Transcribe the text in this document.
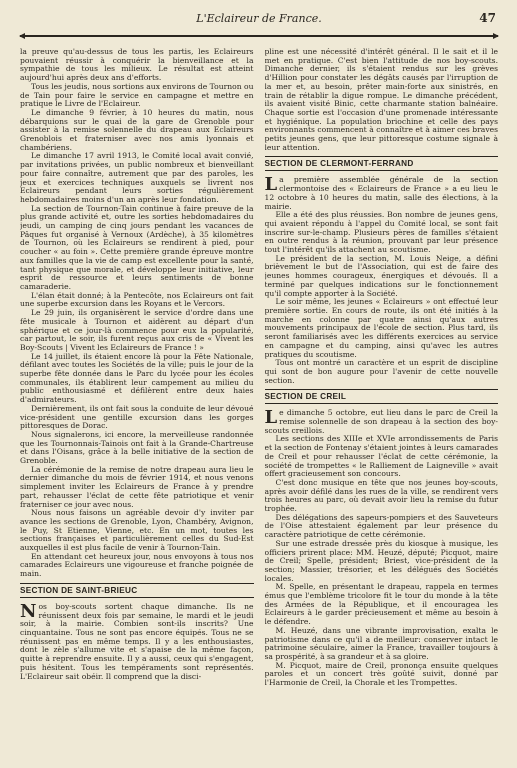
L'Eclaireur de France.	47

la preuve qu'au-dessus de tous les partis, les Eclaireurs pouvaient réussir à conquérir la bienveillance et la sympathie de tous les milieux. Le résultat est atteint aujourd'hui après deux ans d'efforts.

Tous les jeudis, nous sortions aux environs de Tournon ou de Tain pour faire le service en campagne et mettre en pratique le Livre de l'Eclaireur.

Le dimanche 9 février, à 10 heures du matin, nous débarquions sur le quai de la gare de Grenoble pour assister à la remise solennelle du drapeau aux Eclaireurs Grenoblois et fraterniser avec nos amis lyonnais et chambériens.

Le dimanche 17 avril 1913, le Comité local avait convié, par invitations privées, un public nombreux et bienveillant pour faire connaître, autrement que par des paroles, les jeux et exercices techniques auxquels se livrent nos Eclaireurs pendant leurs sorties régulièrement hebdomadaires moins d'un an après leur fondation.

La section de Tournon-Tain continue à faire preuve de la plus grande activité et, outre les sorties hebdomadaires du jeudi, un camping de cinq jours pendant les vacances de Pâques fut organisé à Vernoux (Ardèche), à 35 kilomètres de Tournon, où les Eclaireurs se rendirent à pied, pour coucher « au foin ». Cette première grande épreuve montre aux familles que la vie de camp est excellente pour la santé, tant physique que morale, et développe leur initiative, leur esprit de ressource et leurs sentiments de bonne camaraderie.

L'élan était donné; à la Pentecôte, nos Eclaireurs ont fait une superbe excursion dans les Royans et le Vercors.

Le 29 juin, ils organisèrent le service d'ordre dans une fête musicale à Tournon et aidèrent au départ d'un sphérique et ce jour-là commence pour eux la popularité, car partout, le soir, ils furent reçus aux cris de « Vivent les Boy-Scouts | Vivent les Eclaireurs de France ! »

Le 14 juillet, ils étaient encore là pour la Fête Nationale, défilant avec toutes les Sociétés de la ville; puis le jour de la superbe fête donnée dans le Parc du lycée pour les écoles communales, ils établirent leur campement au milieu du public enthousiasmé et défilèrent entre deux haies d'admirateurs.

Dernièrement, ils ont fait sous la conduite de leur dévoué vice-président une gentille excursion dans les gorges pittoresques de Dorac.

Nous signalerons, ici encore, la merveilleuse randonnée que les Tournonnais-Tainois ont fait à la Grande-Chartreuse et dans l'Oisans, grâce à la belle initiative de la section de Grenoble.

La cérémonie de la remise de notre drapeau aura lieu le dernier dimanche du mois de février 1914, et nous venons simplement inviter les Eclaireurs de France à y prendre part, rehausser l'éclat de cette fête patriotique et venir fraterniser ce jour avec nous.

Nous nous faisons un agréable devoir d'y inviter par avance les sections de Grenoble, Lyon, Chambéry, Avignon, le Puy, St Etienne, Vienne, etc. En un mot, toutes les sections françaises et particulièrement celles du Sud-Est auxquelles il est plus facile de venir à Tournon-Tain.

En attendant cet heureux jour, nous envoyons à tous nos camarades Eclaireurs une vigoureuse et franche poignée de main.

SECTION DE SAINT-BRIEUC

Nos boy-scouts sortent chaque dimanche. Ils ne réunissent deux fois par semaine, le mardi et le jeudi soir, à la mairie. Combien sont-ils inscrits? Une cinquantaine. Tous ne sont pas encore équipés. Tous ne se réunissent pas en même temps. Il y a les enthousiastes, dont le zèle s'allume vite et s'apaise de la même façon, quitte à reprendre ensuite. Il y a aussi, ceux qui s'engagent, puis hésitent. Tous les tempéraments sont représentés. L'Eclaireur sait obéir. Il comprend que la disci-

pline est une nécessité d'intérêt général. Il le sait et il le met en pratique. C'est bien l'attitude de nos boy-scouts. Dimanche dernier, ils s'étaient rendus sur les grèves d'Hillion pour constater les dégâts causés par l'irruption de la mer et, au besoin, prêter main-forte aux sinistrés, en train de rétablir la digue rompue. Le dimanche précédent, ils avaient visité Binic, cette charmante station balnéaire. Chaque sortie est l'occasion d'une promenade intéressante et hygiénique. La population briochine et celle des pays environnants commencent à connaître et à aimer ces braves petits jeunes gens, que leur pittoresque costume signale à leur attention.

SECTION DE CLERMONT-FERRAND

La première assemblée générale de la section clermontoise des « Eclaireurs de France » a eu lieu le 12 octobre à 10 heures du matin, salle des élections, à la mairie.

Elle a été des plus réussies. Bon nombre de jeunes gens, qui avaient répondu à l'appel du Comité local, se sont fait inscrire sur-le-champ. Plusieurs pères de familles s'étaient en outre rendus à la réunion, prouvant par leur présence tout l'intérêt qu'ils attachent au scoutisme.

Le président de la section, M. Louis Neige, a défini brièvement le but de l'Association, qui est de faire des jeunes hommes courageux, énergiques et dévoués. Il a terminé par quelques indications sur le fonctionnement qu'il compte apporter à la Société.

Le soir même, les jeunes « Eclaireurs » ont effectué leur première sortie. En cours de route, ils ont été initiés à la marche en colonne par quatre ainsi qu'aux autres mouvements principaux de l'école de section. Plus tard, ils seront familiarisés avec les différents exercices au service en campagne et du camping, ainsi qu'avec les autres pratiques du scoutisme.

Tous ont montré un caractère et un esprit de discipline qui sont de bon augure pour l'avenir de cette nouvelle section.

SECTION DE CREIL

Le dimanche 5 octobre, eut lieu dans le parc de Creil la remise solennelle de son drapeau à la section des boy-scouts creillois.

Les sections des XIIIe et XVIe arrondissements de Paris et la section de Fontenay s'étaient jointes à leurs camarades de Creil et pour rehausser l'éclat de cette cérémonie, la société de trompettes « le Ralliement de Laigneville » avait offert gracieusement son concours.

C'est donc musique en tête que nos jeunes boy-scouts, après avoir défilé dans les rues de la ville, se rendirent vers trois heures au parc, où devait avoir lieu la remise du futur trophée.

Des délégations des sapeurs-pompiers et des Sauveteurs de l'Oise attestaient également par leur présence du caractère patriotique de cette cérémonie.

Sur une estrade dressée près du kiosque à musique, les officiers prirent place: MM. Heuzé, député; Picquot, maire de Creil; Spelle, président; Briest, vice-président de la section; Massier, trésorier, et les délégués des Sociétés locales.

M. Spelle, en présentant le drapeau, rappela en termes émus que l'emblème tricolore fit le tour du monde à la tête des Armées de la République, et il encouragea les Eclaireurs à le garder précieusement et même au besoin à le défendre.

M. Heuzé, dans une vibrante improvisation, exalta le patriotisme dans ce qu'il a de meilleur: conserver intact le patrimoine séculaire, aimer la France, travailler toujours à sa prospérité, à sa grandeur et à sa gloire.

M. Picquot, maire de Creil, prononça ensuite quelques paroles et un concert très goûté suivit, donné par l'Harmonie de Creil, la Chorale et les Trompettes.
